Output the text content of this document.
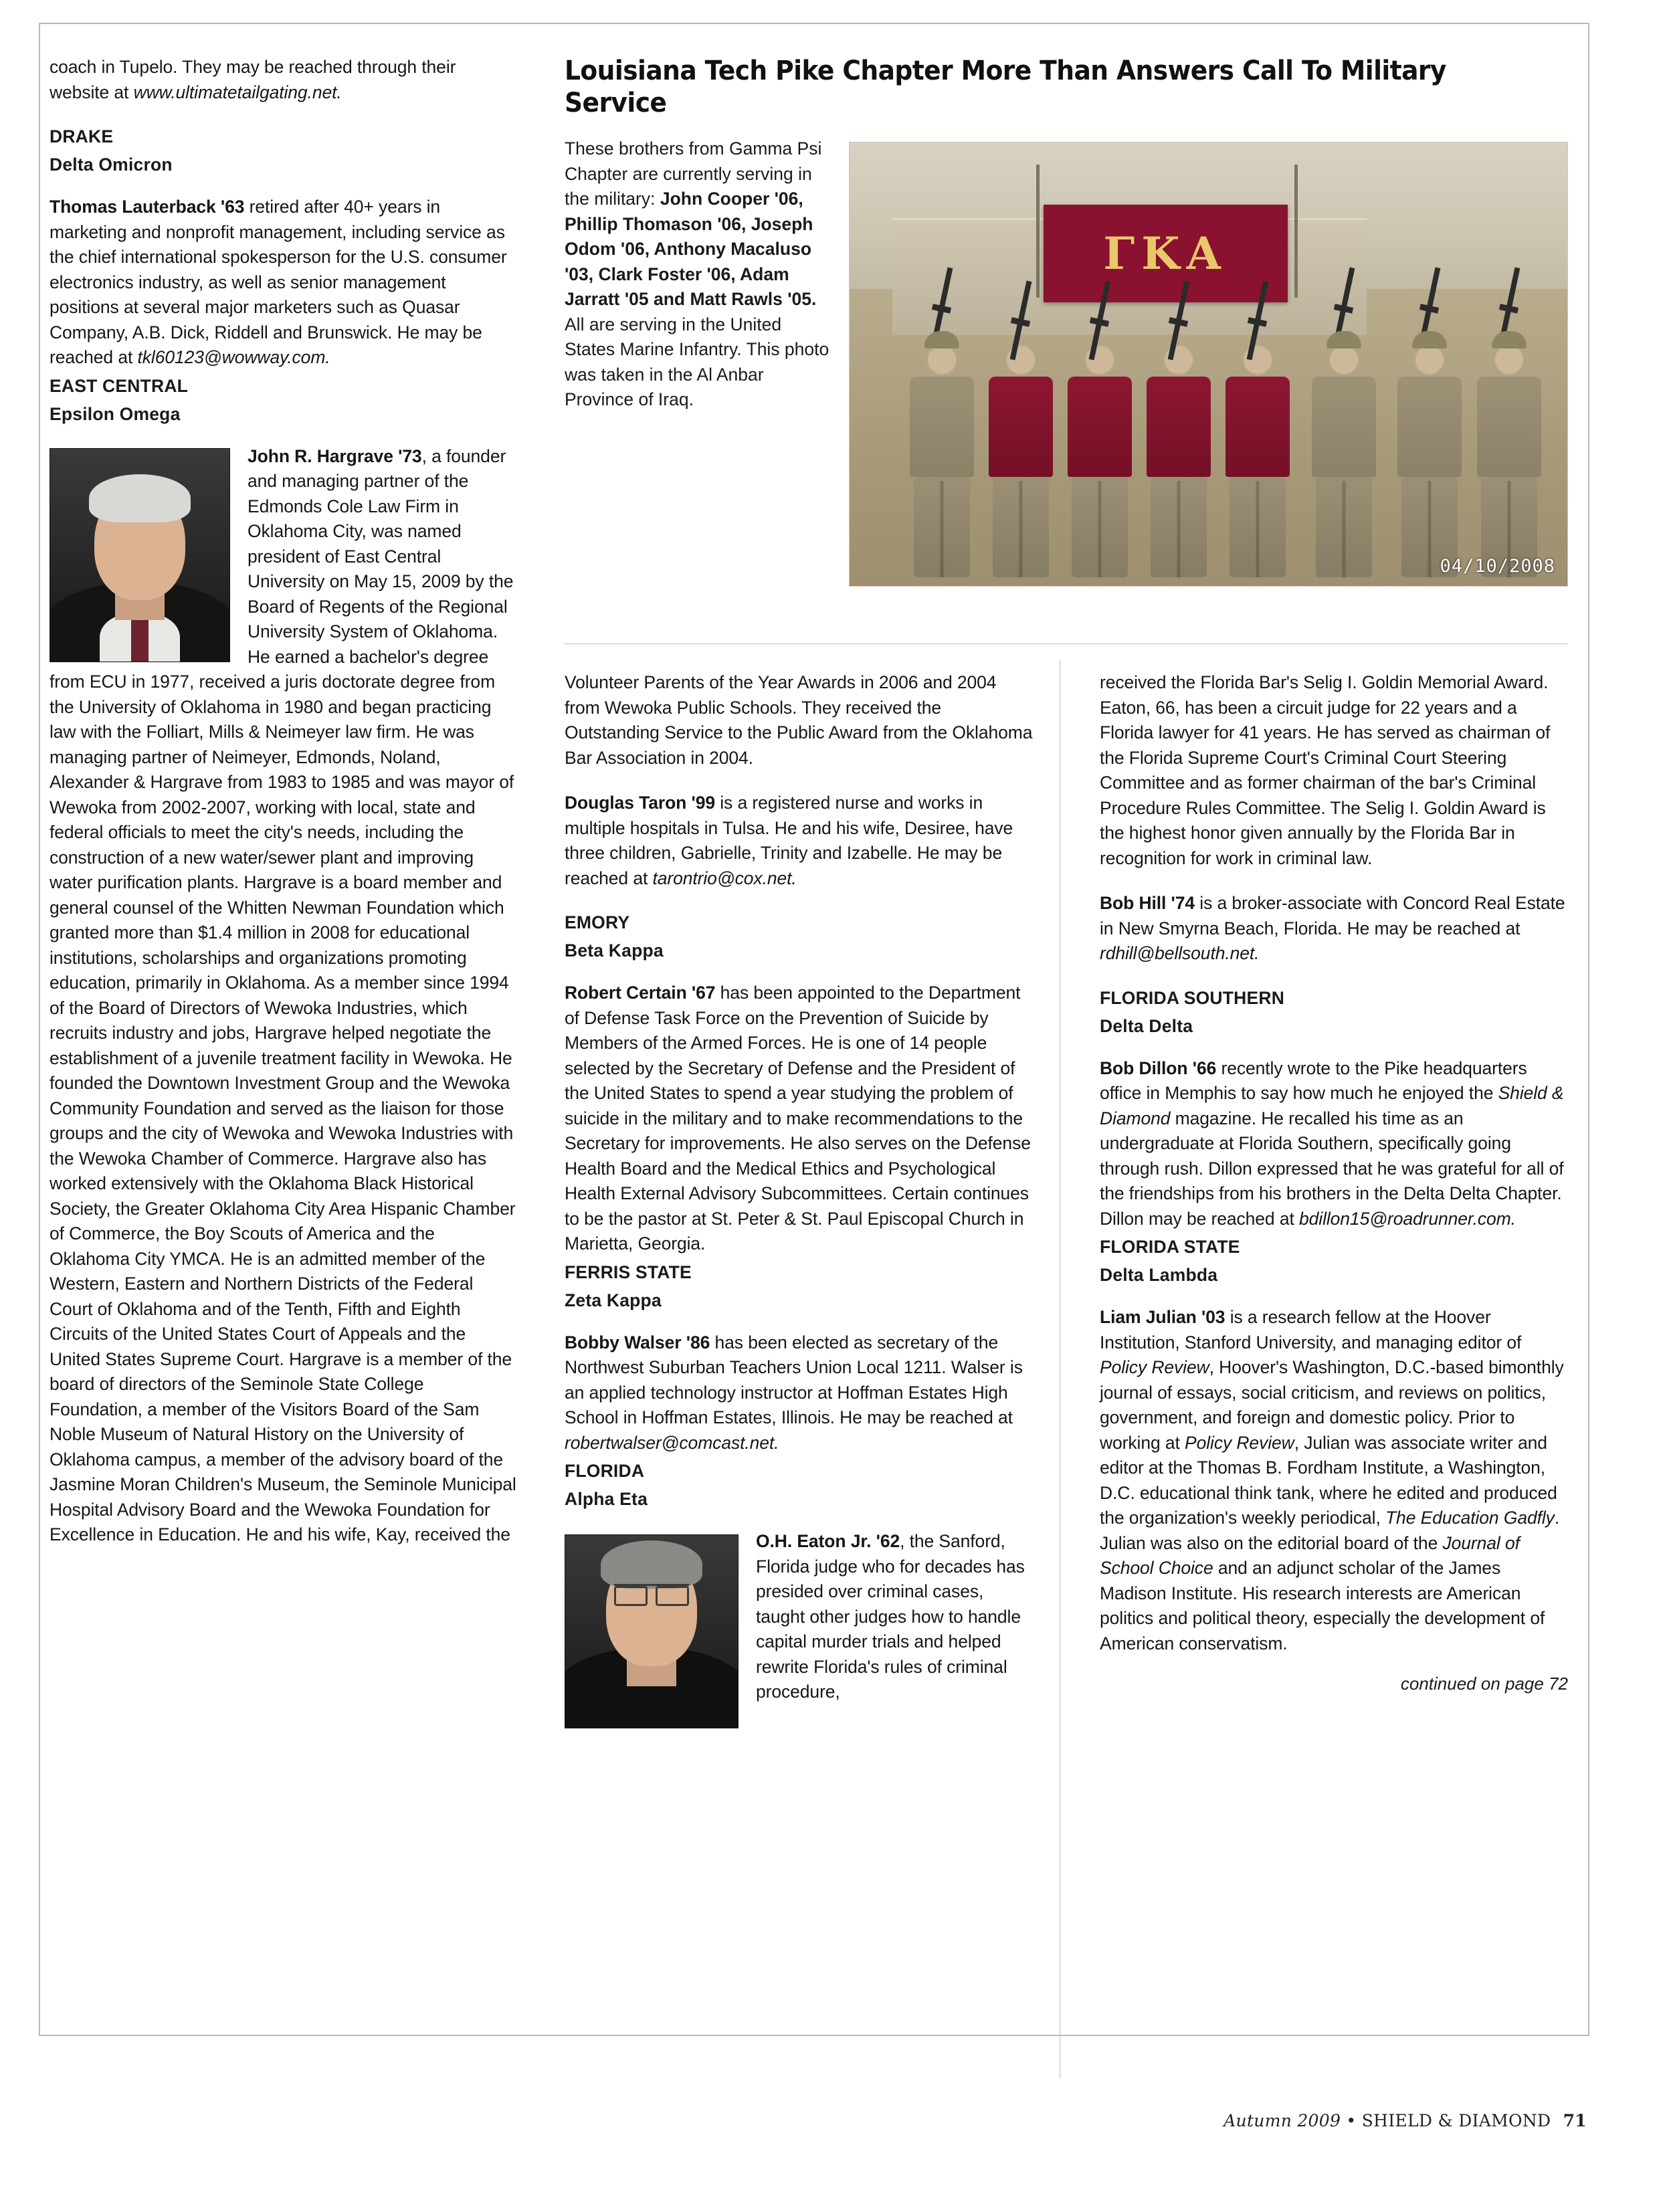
coach in Tupelo. They may be reached through their website at www.ultimatetailgating.net.

DRAKE
Delta Omicron

Thomas Lauterback '63 retired after 40+ years in marketing and nonprofit management, including service as the chief international spokesperson for the U.S. consumer electronics industry, as well as senior management positions at several major marketers such as Quasar Company, A.B. Dick, Riddell and Brunswick. He may be reached at tkl60123@wowway.com.

EAST CENTRAL
Epsilon Omega

John R. Hargrave '73, a founder and managing partner of the Edmonds Cole Law Firm in Oklahoma City, was named president of East Central University on May 15, 2009 by the Board of Regents of the Regional University System of Oklahoma. He earned a bachelor's degree from ECU in 1977, received a juris doctorate degree from the University of Oklahoma in 1980 and began practicing law with the Folliart, Mills & Neimeyer law firm. He was managing partner of Neimeyer, Edmonds, Noland, Alexander & Hargrave from 1983 to 1985 and was mayor of Wewoka from 2002-2007, working with local, state and federal officials to meet the city's needs, including the construction of a new water/sewer plant and improving water purification plants. Hargrave is a board member and general counsel of the Whitten Newman Foundation which granted more than $1.4 million in 2008 for educational institutions, scholarships and organizations promoting education, primarily in Oklahoma. As a member since 1994 of the Board of Directors of Wewoka Industries, which recruits industry and jobs, Hargrave helped negotiate the establishment of a juvenile treatment facility in Wewoka. He founded the Downtown Investment Group and the Wewoka Community Foundation and served as the liaison for those groups and the city of Wewoka and Wewoka Industries with the Wewoka Chamber of Commerce. Hargrave also has worked extensively with the Oklahoma Black Historical Society, the Greater Oklahoma City Area Hispanic Chamber of Commerce, the Boy Scouts of America and the Oklahoma City YMCA. He is an admitted member of the Western, Eastern and Northern Districts of the Federal Court of Oklahoma and of the Tenth, Fifth and Eighth Circuits of the United States Court of Appeals and the United States Supreme Court. Hargrave is a member of the board of directors of the Seminole State College Foundation, a member of the Visitors Board of the Sam Noble Museum of Natural History on the University of Oklahoma campus, a member of the advisory board of the Jasmine Moran Children's Museum, the Seminole Municipal Hospital Advisory Board and the Wewoka Foundation for Excellence in Education. He and his wife, Kay, received the

Louisiana Tech Pike Chapter More Than Answers Call To Military Service
These brothers from Gamma Psi Chapter are currently serving in the military: John Cooper '06, Phillip Thomason '06, Joseph Odom '06, Anthony Macaluso '03, Clark Foster '06, Adam Jarratt '05 and Matt Rawls '05. All are serving in the United States Marine Infantry. This photo was taken in the Al Anbar Province of Iraq.
ΓΚΑ
04/10/2008

Volunteer Parents of the Year Awards in 2006 and 2004 from Wewoka Public Schools. They received the Outstanding Service to the Public Award from the Oklahoma Bar Association in 2004.

Douglas Taron '99 is a registered nurse and works in multiple hospitals in Tulsa. He and his wife, Desiree, have three children, Gabrielle, Trinity and Izabelle. He may be reached at tarontrio@cox.net.

EMORY
Beta Kappa

Robert Certain '67 has been appointed to the Department of Defense Task Force on the Prevention of Suicide by Members of the Armed Forces. He is one of 14 people selected by the Secretary of Defense and the President of the United States to spend a year studying the problem of suicide in the military and to make recommendations to the Secretary for improvements. He also serves on the Defense Health Board and the Medical Ethics and Psychological Health External Advisory Subcommittees. Certain continues to be the pastor at St. Peter & St. Paul Episcopal Church in Marietta, Georgia.

FERRIS STATE
Zeta Kappa

Bobby Walser '86 has been elected as secretary of the Northwest Suburban Teachers Union Local 1211. Walser is an applied technology instructor at Hoffman Estates High School in Hoffman Estates, Illinois. He may be reached at robertwalser@comcast.net.

FLORIDA
Alpha Eta

O.H. Eaton Jr. '62, the Sanford, Florida judge who for decades has presided over criminal cases, taught other judges how to handle capital murder trials and helped rewrite Florida's rules of criminal procedure,

received the Florida Bar's Selig I. Goldin Memorial Award. Eaton, 66, has been a circuit judge for 22 years and a Florida lawyer for 41 years. He has served as chairman of the Florida Supreme Court's Criminal Court Steering Committee and as former chairman of the bar's Criminal Procedure Rules Committee. The Selig I. Goldin Award is the highest honor given annually by the Florida Bar in recognition for work in criminal law.

Bob Hill '74 is a broker-associate with Concord Real Estate in New Smyrna Beach, Florida. He may be reached at rdhill@bellsouth.net.

FLORIDA SOUTHERN
Delta Delta

Bob Dillon '66 recently wrote to the Pike headquarters office in Memphis to say how much he enjoyed the Shield & Diamond magazine. He recalled his time as an undergraduate at Florida Southern, specifically going through rush. Dillon expressed that he was grateful for all of the friendships from his brothers in the Delta Delta Chapter. Dillon may be reached at bdillon15@roadrunner.com.

FLORIDA STATE
Delta Lambda

Liam Julian '03 is a research fellow at the Hoover Institution, Stanford University, and managing editor of Policy Review, Hoover's Washington, D.C.-based bimonthly journal of essays, social criticism, and reviews on politics, government, and foreign and domestic policy. Prior to working at Policy Review, Julian was associate writer and editor at the Thomas B. Fordham Institute, a Washington, D.C. educational think tank, where he edited and produced the organization's weekly periodical, The Education Gadfly. Julian was also on the editorial board of the Journal of School Choice and an adjunct scholar of the James Madison Institute. His research interests are American politics and political theory, especially the development of American conservatism.

continued on page 72
Autumn 2009 • SHIELD & DIAMOND 71
